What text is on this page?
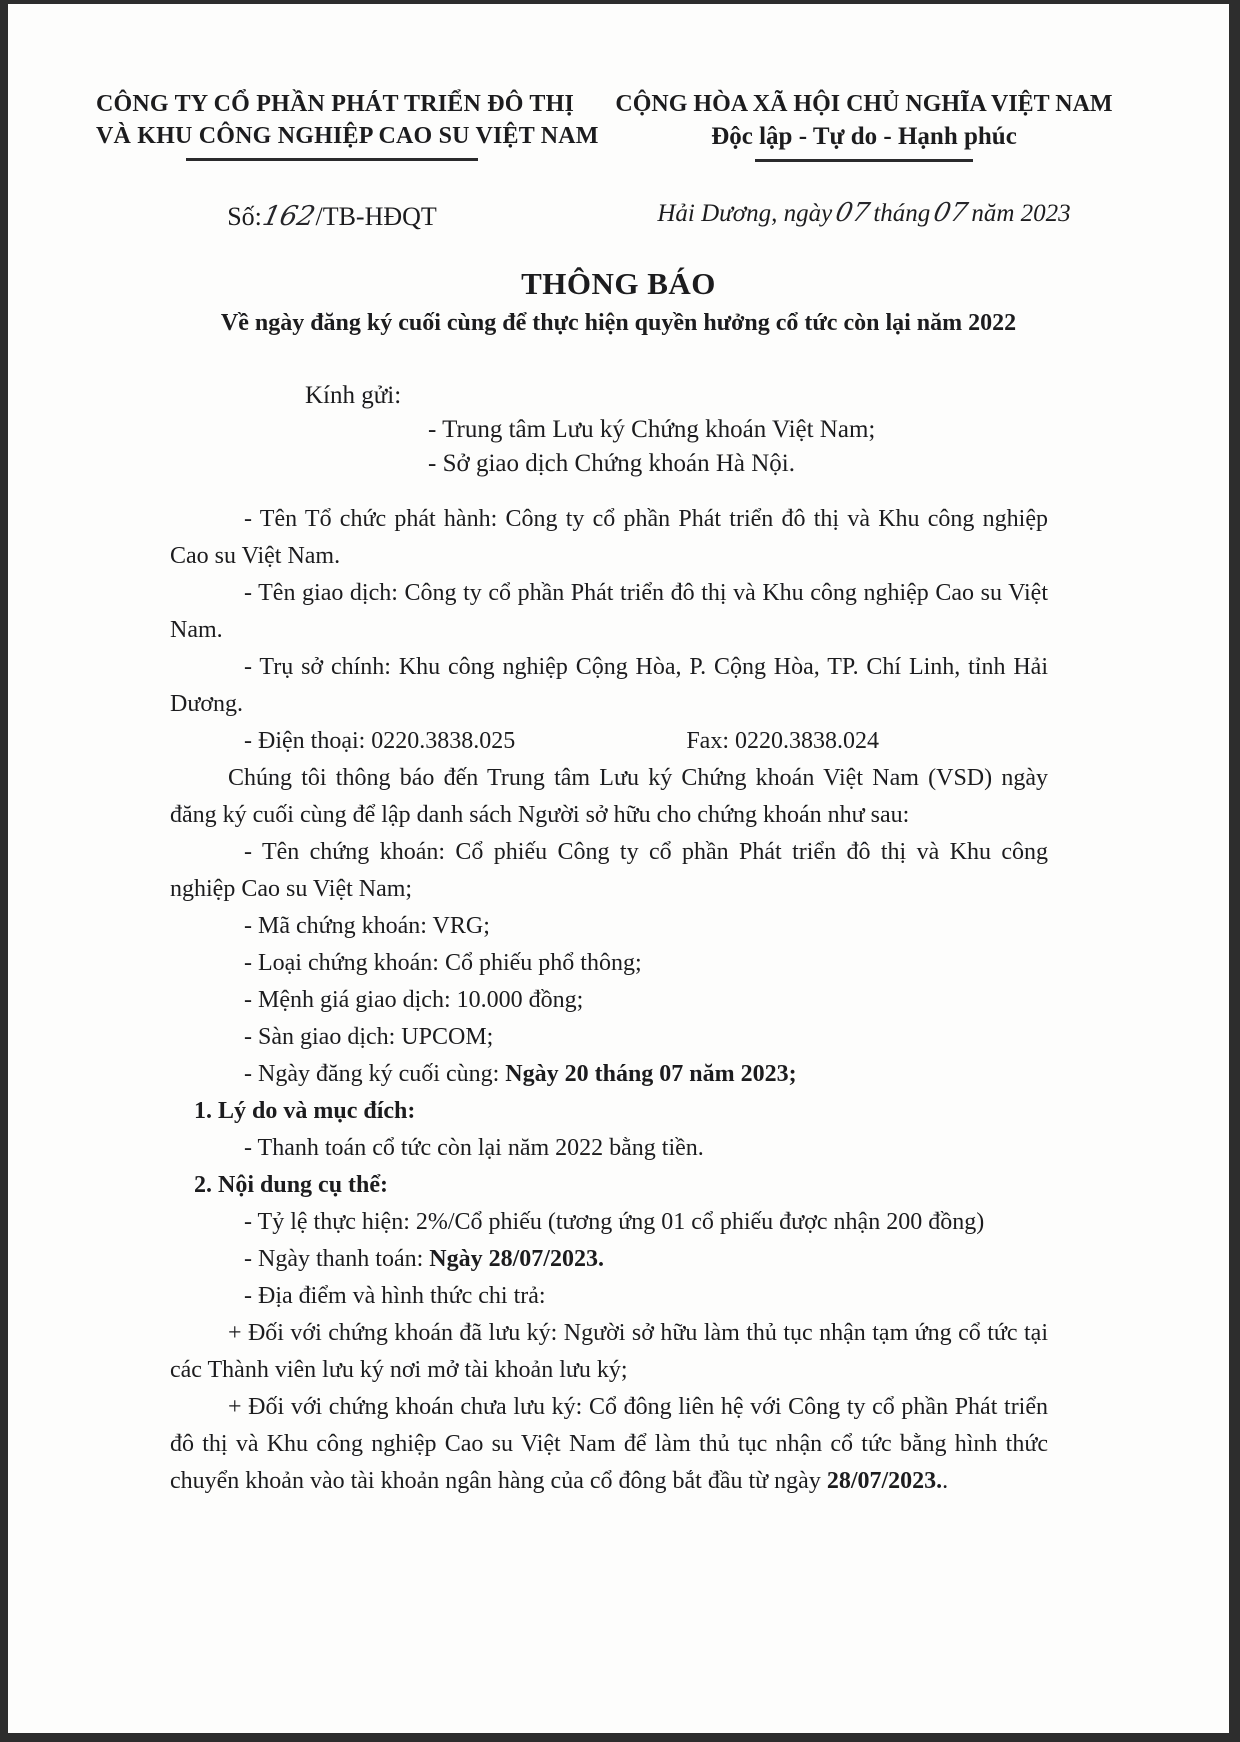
CÔNG TY CỔ PHẦN PHÁT TRIỂN ĐÔ THỊ
VÀ KHU CÔNG NGHIỆP CAO SU VIỆT NAM
Số:162/TB-HĐQT
CỘNG HÒA XÃ HỘI CHỦ NGHĨA VIỆT NAM
Độc lập - Tự do - Hạnh phúc
Hải Dương, ngày07tháng07năm 2023
THÔNG BÁO
Về ngày đăng ký cuối cùng để thực hiện quyền hưởng cổ tức còn lại năm 2022
Kính gửi:
- Trung tâm Lưu ký Chứng khoán Việt Nam;
- Sở giao dịch Chứng khoán Hà Nội.

- Tên Tổ chức phát hành: Công ty cổ phần Phát triển đô thị và Khu công nghiệp Cao su Việt Nam.

- Tên giao dịch: Công ty cổ phần Phát triển đô thị và Khu công nghiệp Cao su Việt Nam.

- Trụ sở chính: Khu công nghiệp Cộng Hòa, P. Cộng Hòa, TP. Chí Linh, tỉnh Hải Dương.

- Điện thoại: 0220.3838.025	Fax: 0220.3838.024

Chúng tôi thông báo đến Trung tâm Lưu ký Chứng khoán Việt Nam (VSD) ngày đăng ký cuối cùng để lập danh sách Người sở hữu cho chứng khoán như sau:

- Tên chứng khoán: Cổ phiếu Công ty cổ phần Phát triển đô thị và Khu công nghiệp Cao su Việt Nam;

- Mã chứng khoán: VRG;

- Loại chứng khoán: Cổ phiếu phổ thông;

- Mệnh giá giao dịch: 10.000 đồng;

- Sàn giao dịch: UPCOM;

- Ngày đăng ký cuối cùng: Ngày 20 tháng 07 năm 2023;

1. Lý do và mục đích:

- Thanh toán cổ tức còn lại năm 2022 bằng tiền.

2. Nội dung cụ thể:

- Tỷ lệ thực hiện: 2%/Cổ phiếu (tương ứng 01 cổ phiếu được nhận 200 đồng)

- Ngày thanh toán: Ngày 28/07/2023.

- Địa điểm và hình thức chi trả:

+ Đối với chứng khoán đã lưu ký: Người sở hữu làm thủ tục nhận tạm ứng cổ tức tại các Thành viên lưu ký nơi mở tài khoản lưu ký;

+ Đối với chứng khoán chưa lưu ký: Cổ đông liên hệ với Công ty cổ phần Phát triển đô thị và Khu công nghiệp Cao su Việt Nam để làm thủ tục nhận cổ tức bằng hình thức chuyển khoản vào tài khoản ngân hàng của cổ đông bắt đầu từ ngày 28/07/2023..
